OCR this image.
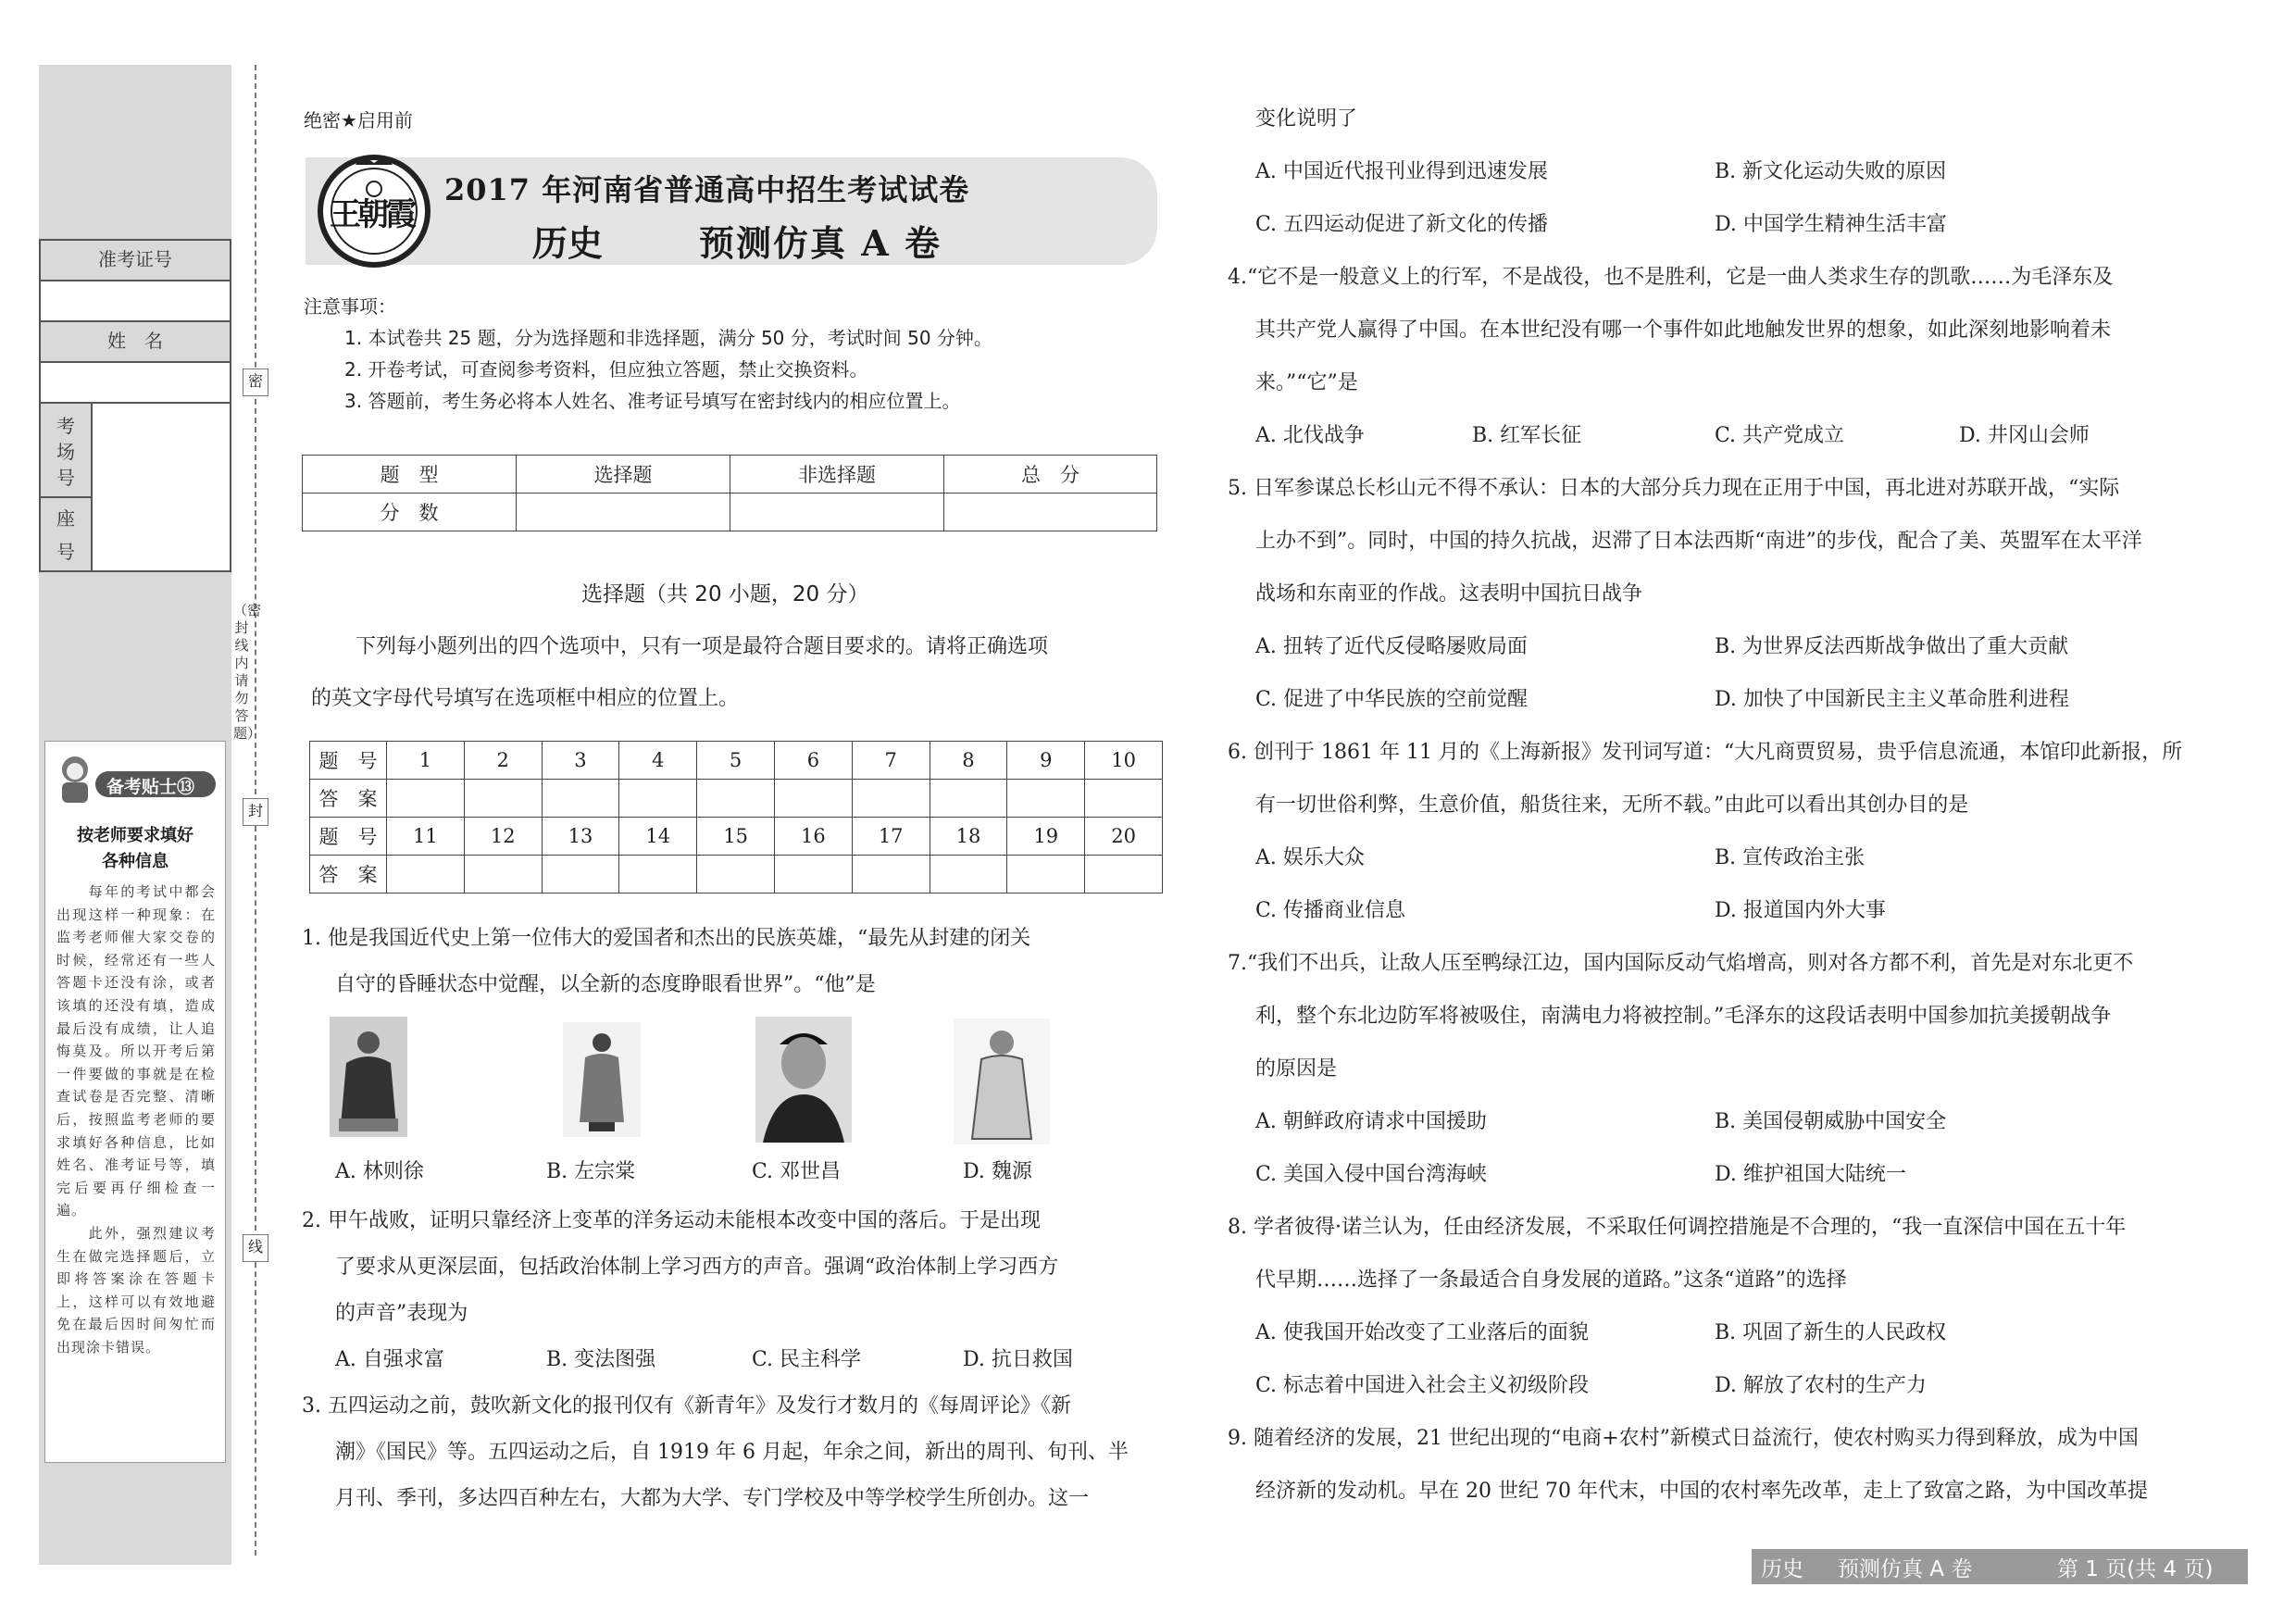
准考证号
姓　名
考场号
座号
备考贴士⑬
按老师要求填好
各种信息
　　每年的考试中都会出现这样一种现象：在监考老师催大家交卷的时候，经常还有一些人答题卡还没有涂，或者该填的还没有填，造成最后没有成绩，让人追悔莫及。所以开考后第一件要做的事就是在检查试卷是否完整、清晰后，按照监考老师的要求填好各种信息，比如姓名、准考证号等，填完后要再仔细检查一遍。
　　此外，强烈建议考生在做完选择题后，立即将答案涂在答题卡上，这样可以有效地避免在最后因时间匆忙而出现涂卡错误。
密
封
线
（密封线内请勿答题）
绝密★启用前
王朝霞
2017 年河南省普通高中招生考试试卷
历史	预测仿真 A 卷
注意事项：
1. 本试卷共 25 题，分为选择题和非选择题，满分 50 分，考试时间 50 分钟。
2. 开卷考试，可查阅参考资料，但应独立答题，禁止交换资料。
3. 答题前，考生务必将本人姓名、准考证号填写在密封线内的相应位置上。
题　型	选择题	非选择题	总　分
分　数			
选择题（共 20 小题，20 分）
下列每小题列出的四个选项中，只有一项是最符合题目要求的。请将正确选项
的英文字母代号填写在选项框中相应的位置上。
题　号	1	2	3	4	5	6	7	8	9	10
答　案										
题　号	11	12	13	14	15	16	17	18	19	20
答　案										
1. 他是我国近代史上第一位伟大的爱国者和杰出的民族英雄，“最先从封建的闭关
自守的昏睡状态中觉醒，以全新的态度睁眼看世界”。“他”是
A. 林则徐	B. 左宗棠	C. 邓世昌	D. 魏源
2. 甲午战败，证明只靠经济上变革的洋务运动未能根本改变中国的落后。于是出现
了要求从更深层面，包括政治体制上学习西方的声音。强调“政治体制上学习西方
的声音”表现为
A. 自强求富	B. 变法图强	C. 民主科学	D. 抗日救国
3. 五四运动之前，鼓吹新文化的报刊仅有《新青年》及发行才数月的《每周评论》《新
潮》《国民》等。五四运动之后，自 1919 年 6 月起，年余之间，新出的周刊、旬刊、半
月刊、季刊，多达四百种左右，大都为大学、专门学校及中等学校学生所创办。这一
变化说明了
A. 中国近代报刊业得到迅速发展	B. 新文化运动失败的原因
C. 五四运动促进了新文化的传播	D. 中国学生精神生活丰富
4.“它不是一般意义上的行军，不是战役，也不是胜利，它是一曲人类求生存的凯歌……为毛泽东及
其共产党人赢得了中国。在本世纪没有哪一个事件如此地触发世界的想象，如此深刻地影响着未
来。”“它”是
A. 北伐战争	B. 红军长征	C. 共产党成立	D. 井冈山会师
5. 日军参谋总长杉山元不得不承认：日本的大部分兵力现在正用于中国，再北进对苏联开战，“实际
上办不到”。同时，中国的持久抗战，迟滞了日本法西斯“南进”的步伐，配合了美、英盟军在太平洋
战场和东南亚的作战。这表明中国抗日战争
A. 扭转了近代反侵略屡败局面	B. 为世界反法西斯战争做出了重大贡献
C. 促进了中华民族的空前觉醒	D. 加快了中国新民主主义革命胜利进程
6. 创刊于 1861 年 11 月的《上海新报》发刊词写道：“大凡商贾贸易，贵乎信息流通，本馆印此新报，所
有一切世俗利弊，生意价值，船货往来，无所不载。”由此可以看出其创办目的是
A. 娱乐大众	B. 宣传政治主张
C. 传播商业信息	D. 报道国内外大事
7.“我们不出兵，让敌人压至鸭绿江边，国内国际反动气焰增高，则对各方都不利，首先是对东北更不
利，整个东北边防军将被吸住，南满电力将被控制。”毛泽东的这段话表明中国参加抗美援朝战争
的原因是
A. 朝鲜政府请求中国援助	B. 美国侵朝威胁中国安全
C. 美国入侵中国台湾海峡	D. 维护祖国大陆统一
8. 学者彼得·诺兰认为，任由经济发展，不采取任何调控措施是不合理的，“我一直深信中国在五十年
代早期……选择了一条最适合自身发展的道路。”这条“道路”的选择
A. 使我国开始改变了工业落后的面貌	B. 巩固了新生的人民政权
C. 标志着中国进入社会主义初级阶段	D. 解放了农村的生产力
9. 随着经济的发展，21 世纪出现的“电商+农村”新模式日益流行，使农村购买力得到释放，成为中国
经济新的发动机。早在 20 世纪 70 年代末，中国的农村率先改革，走上了致富之路，为中国改革提
历史 预测仿真 A 卷	第 1 页(共 4 页)
